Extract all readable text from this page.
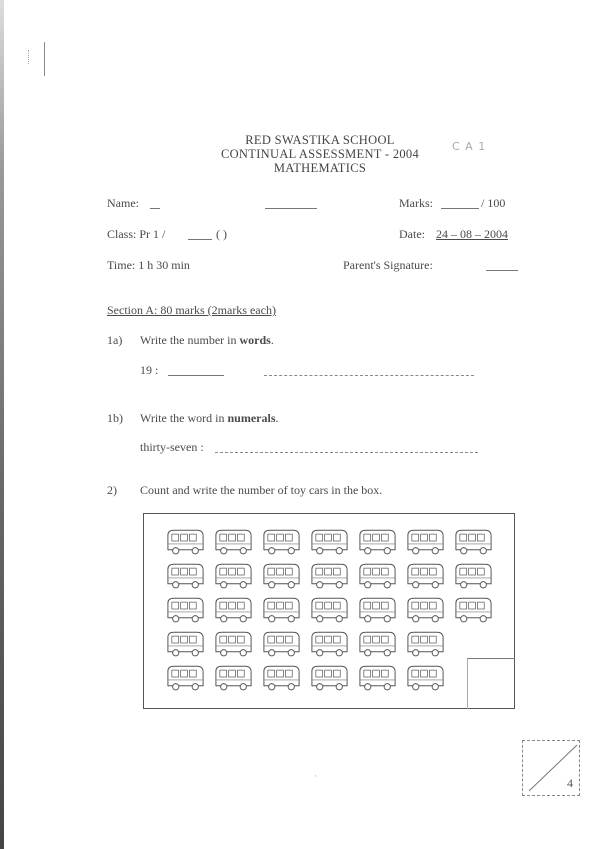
RED SWASTIKA SCHOOL
CONTINUAL ASSESSMENT - 2004
MATHEMATICS
C A 1
Name:	Marks:	/ 100
Class: Pr 1 /	( )	Date: 24 – 08 – 2004
Time: 1 h 30 min	Parent's Signature:
Section A: 80 marks (2marks each)
1a) Write the number in words.
19 :
1b) Write the word in numerals.
thirty-seven :
2) Count and write the number of toy cars in the box.
4
·
